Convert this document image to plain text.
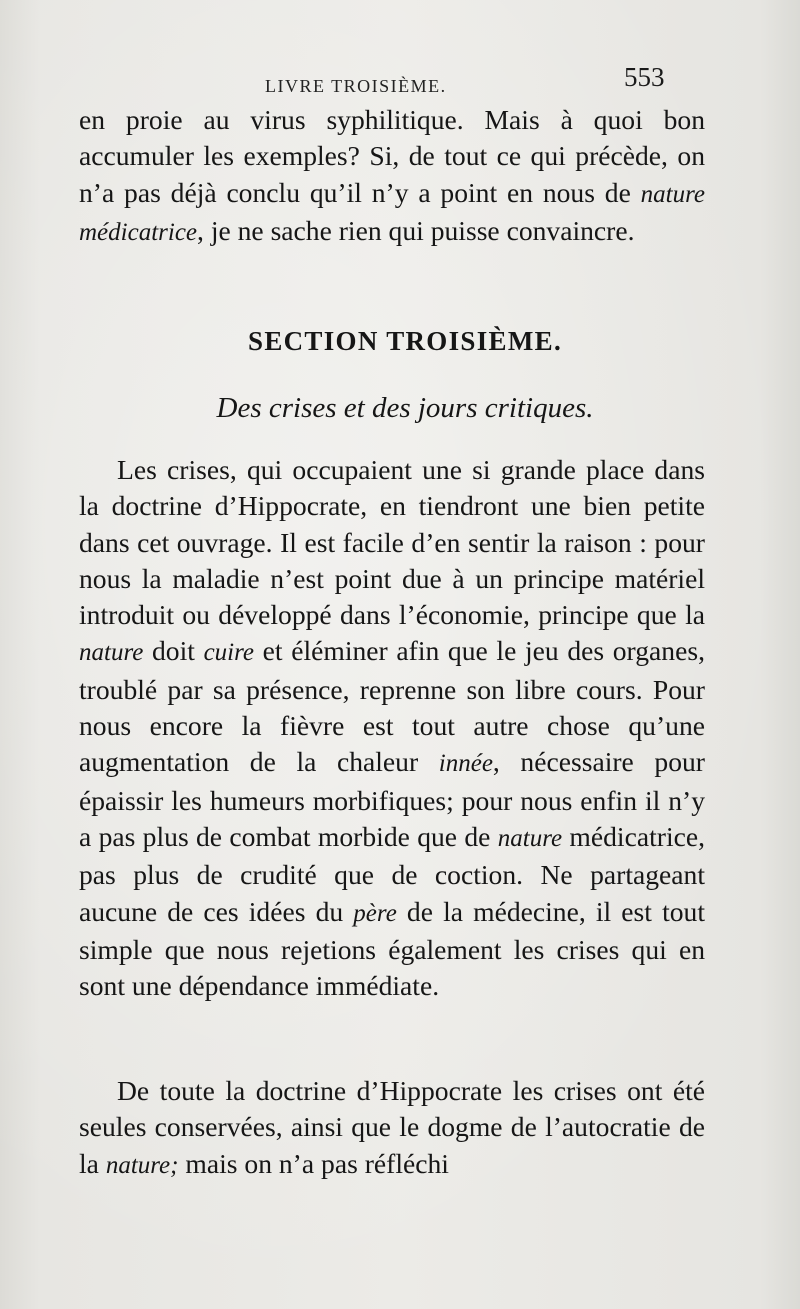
LIVRE TROISIÈME.	553

en proie au virus syphilitique. Mais à quoi bon accumuler les exemples? Si, de tout ce qui précède, on n’a pas déjà conclu qu’il n’y a point en nous de nature médicatrice, je ne sache rien qui puisse convaincre.

SECTION TROISIÈME.
Des crises et des jours critiques.

Les crises, qui occupaient une si grande place dans la doctrine d’Hippocrate, en tiendront une bien petite dans cet ouvrage. Il est facile d’en sentir la raison : pour nous la maladie n’est point due à un principe matériel introduit ou développé dans l’économie, principe que la nature doit cuire et éléminer afin que le jeu des organes, troublé par sa présence, reprenne son libre cours. Pour nous encore la fièvre est tout autre chose qu’une augmentation de la chaleur innée, nécessaire pour épaissir les humeurs morbifiques; pour nous enfin il n’y a pas plus de combat morbide que de nature médicatrice, pas plus de crudité que de coction. Ne partageant aucune de ces idées du père de la médecine, il est tout simple que nous rejetions également les crises qui en sont une dépendance immédiate.

De toute la doctrine d’Hippocrate les crises ont été seules conservées, ainsi que le dogme de l’autocratie de la nature; mais on n’a pas réfléchi
